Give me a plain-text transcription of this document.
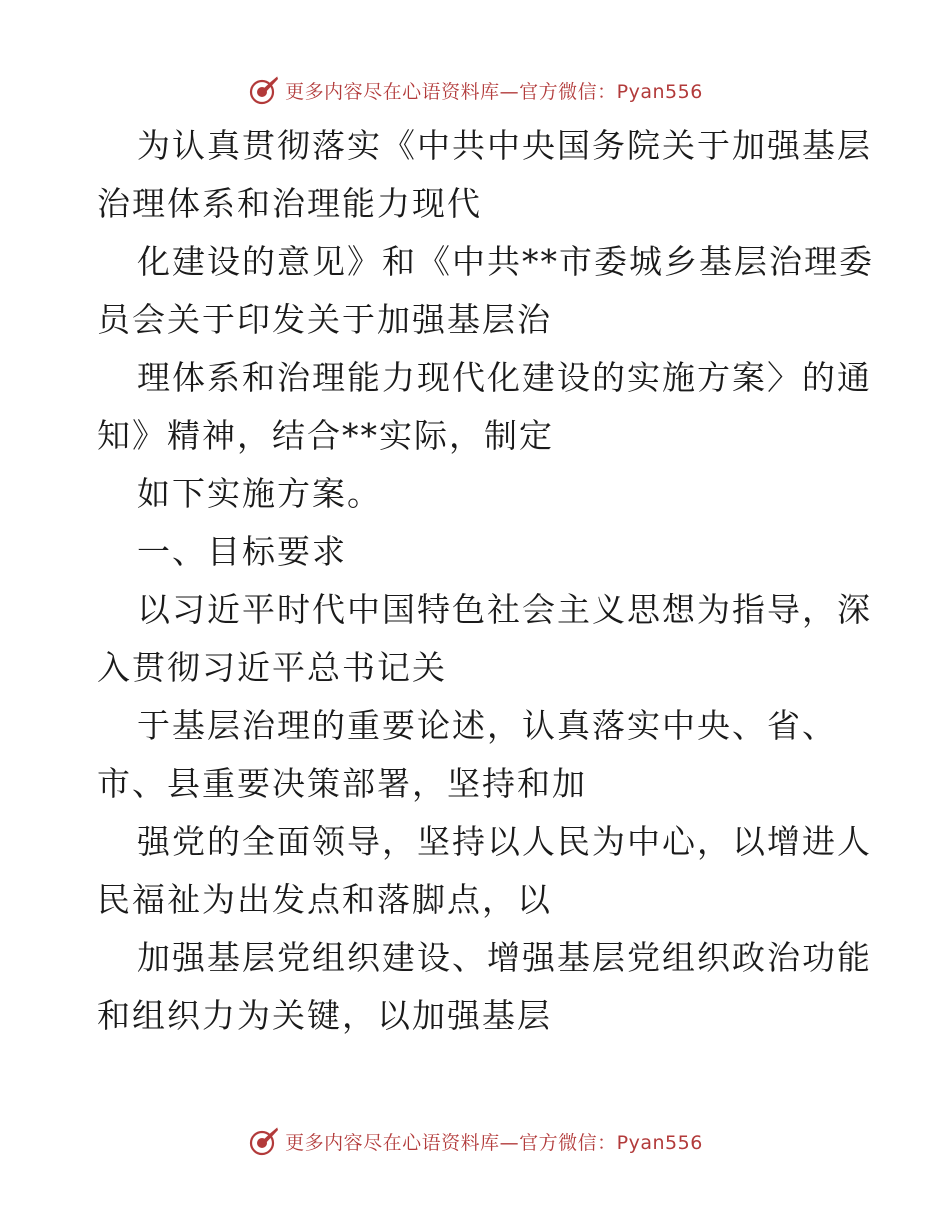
更多内容尽在心语资料库—官方微信：Pyan556
为认真贯彻落实《中共中央国务院关于加强基层
治理体系和治理能力现代
化建设的意见》和《中共**市委城乡基层治理委
员会关于印发关于加强基层治
理体系和治理能力现代化建设的实施方案〉的通
知》精神，结合**实际，制定
如下实施方案。
一、目标要求
以习近平时代中国特色社会主义思想为指导，深
入贯彻习近平总书记关
于基层治理的重要论述，认真落实中央、省、
市、县重要决策部署，坚持和加
强党的全面领导，坚持以人民为中心，以增进人
民福祉为出发点和落脚点，以
加强基层党组织建设、增强基层党组织政治功能
和组织力为关键，以加强基层
更多内容尽在心语资料库—官方微信：Pyan556
